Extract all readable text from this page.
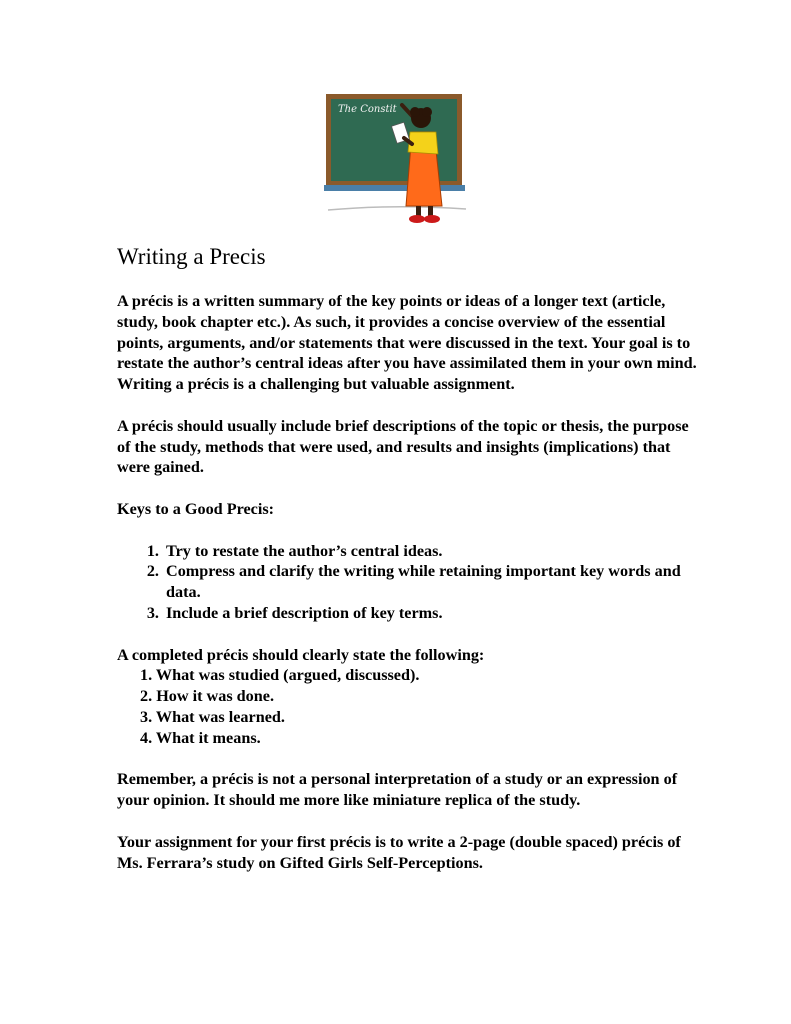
The Constit
Writing a Precis

A précis is a written summary of the key points or ideas of a longer text (article, study, book chapter etc.). As such, it provides a concise overview of the essential points, arguments, and/or statements that were discussed in the text. Your goal is to restate the author’s central ideas after you have assimilated them in your own mind. Writing a précis is a challenging but valuable assignment.

A précis should usually include brief descriptions of the topic or thesis, the purpose of the study, methods that were used, and results and insights (implications) that were gained.

Keys to a Good Precis:

1. Try to restate the author’s central ideas.
2. Compress and clarify the writing while retaining important key words and data.
3. Include a brief description of key terms.

A completed précis should clearly state the following:

1. What was studied (argued, discussed).
2. How it was done.
3. What was learned.
4. What it means.

Remember, a précis is not a personal interpretation of a study or an expression of your opinion. It should me more like miniature replica of the study.

Your assignment for your first précis is to write a 2-page (double spaced) précis of Ms. Ferrara’s study on Gifted Girls Self-Perceptions.
